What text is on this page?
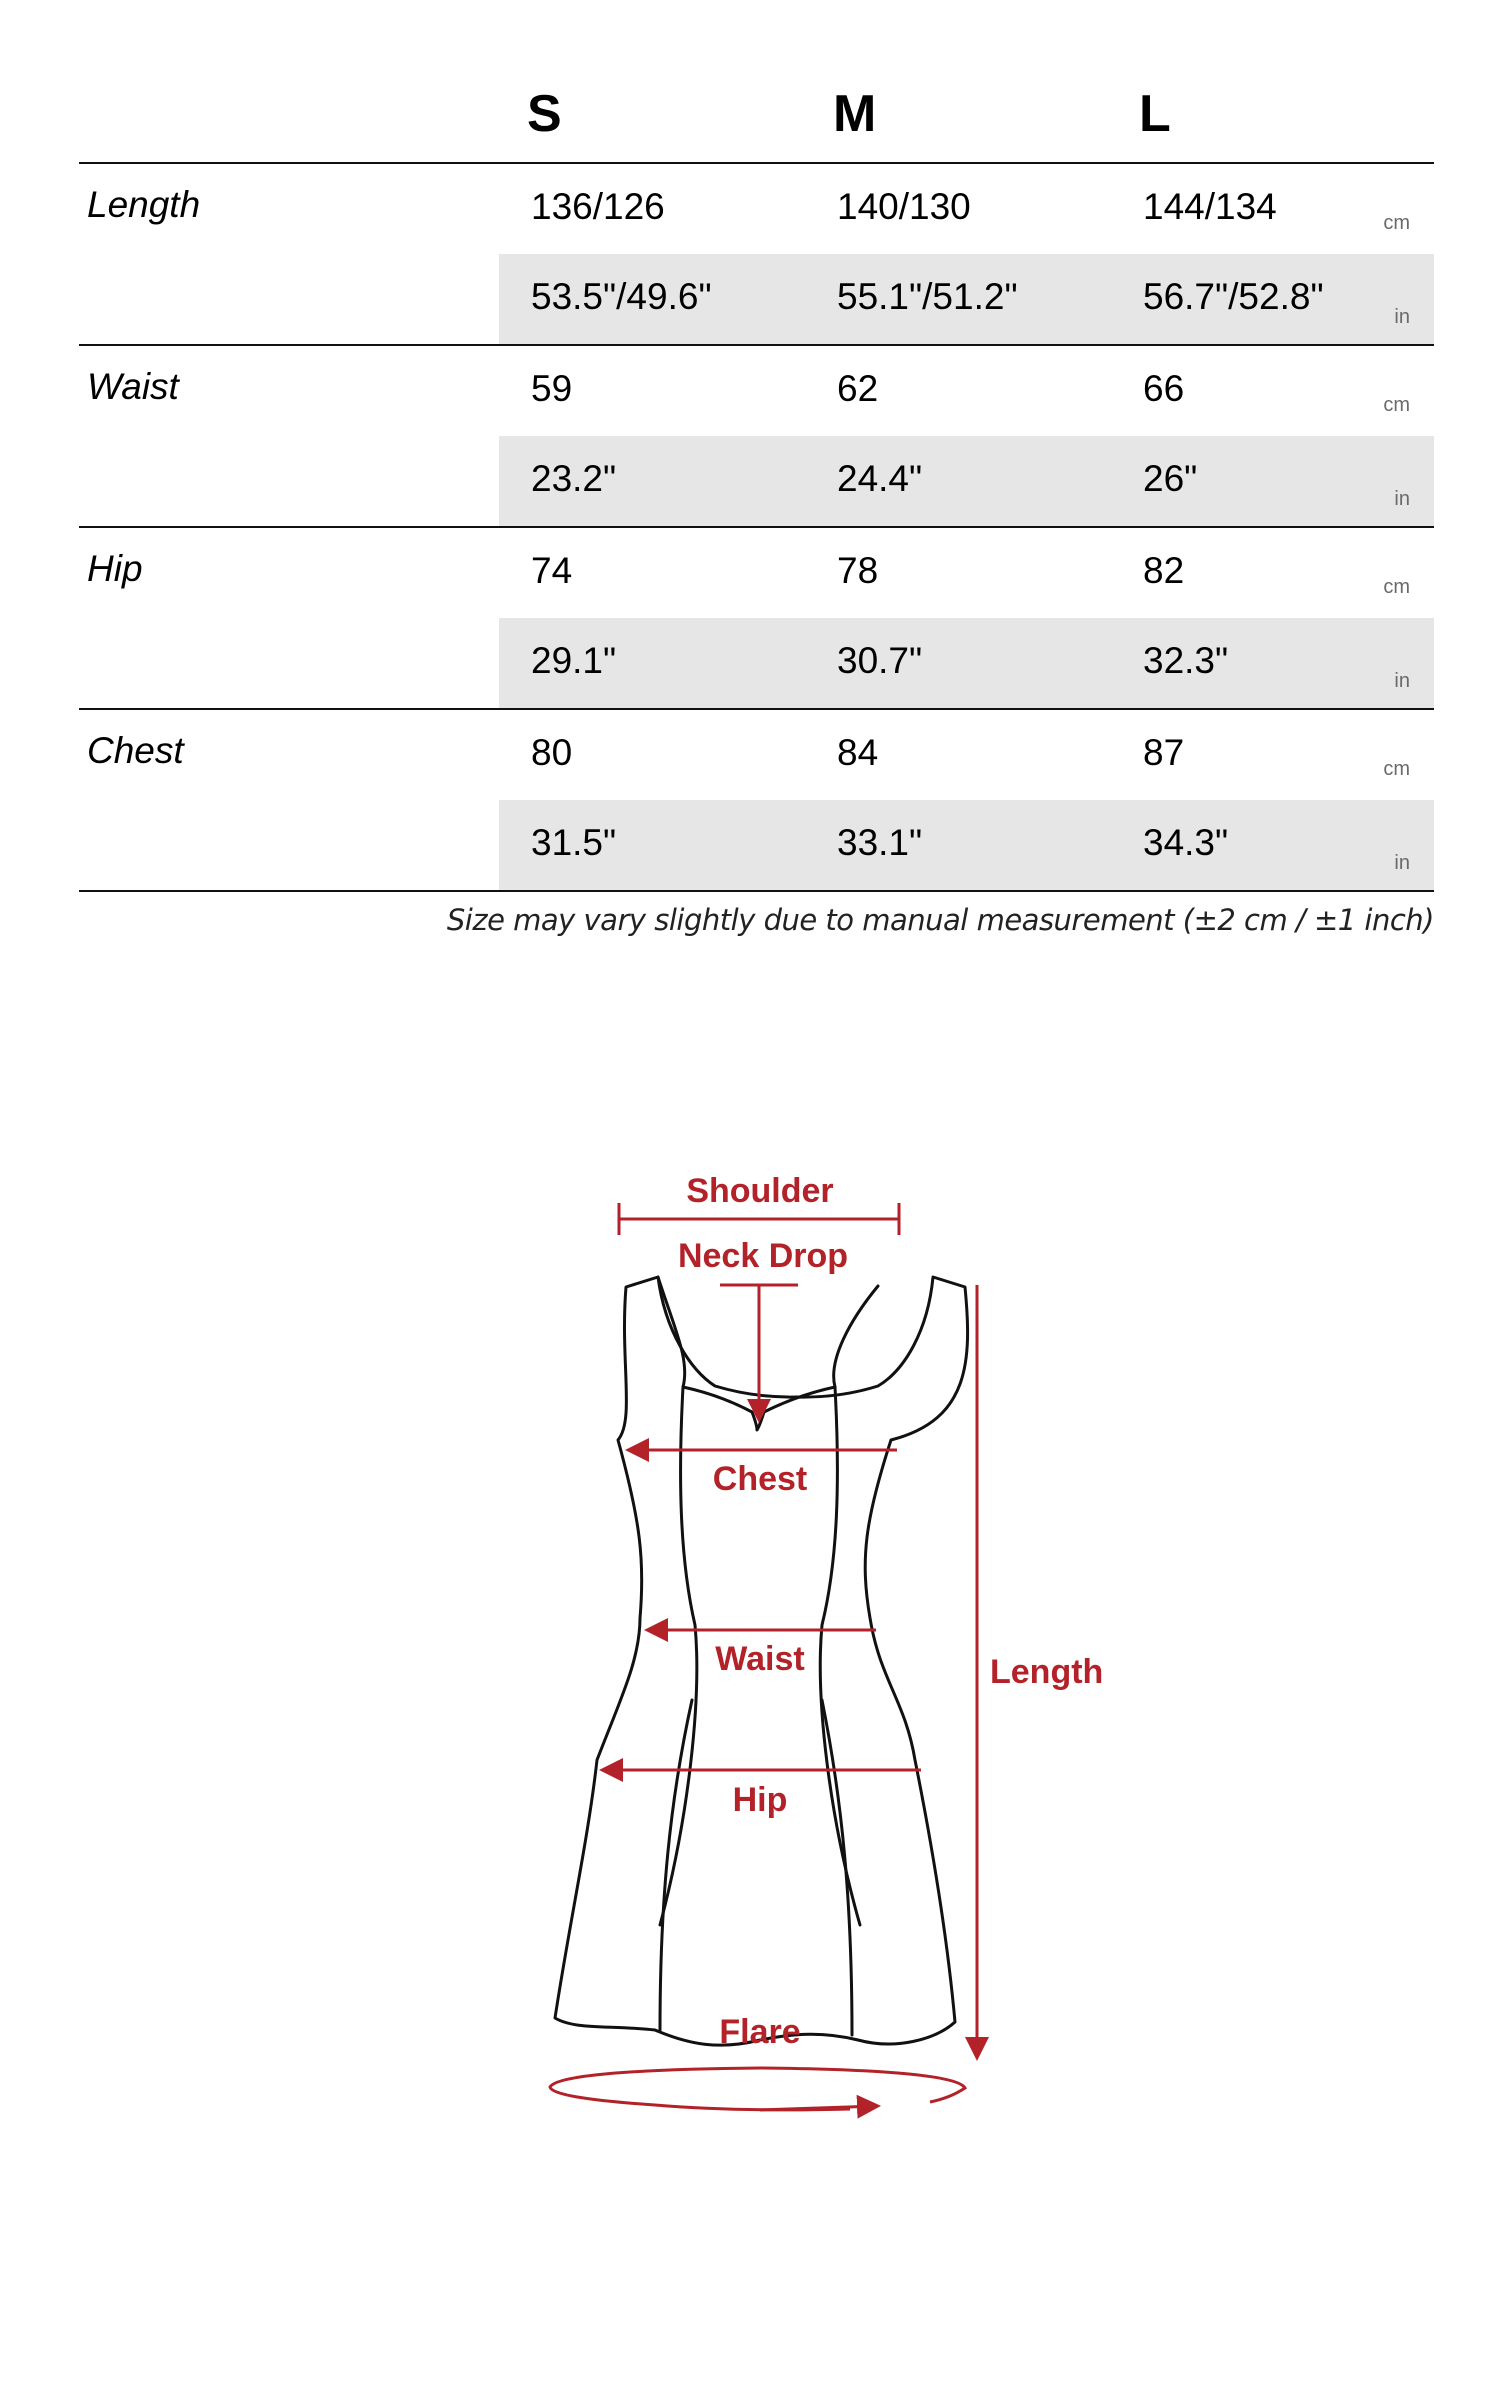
S	M	L
Length	136/126	140/130	144/134	cm
53.5"/49.6"	55.1"/51.2"	56.7"/52.8"	in
Waist	59	62	66	cm
23.2"	24.4"	26"	in
Hip	74	78	82	cm
29.1"	30.7"	32.3"	in
Chest	80	84	87	cm
31.5"	33.1"	34.3"	in
Size may vary slightly due to manual measurement (±2 cm / ±1 inch)
Shoulder
Neck Drop
Chest
Waist
Hip
Length
Flare
